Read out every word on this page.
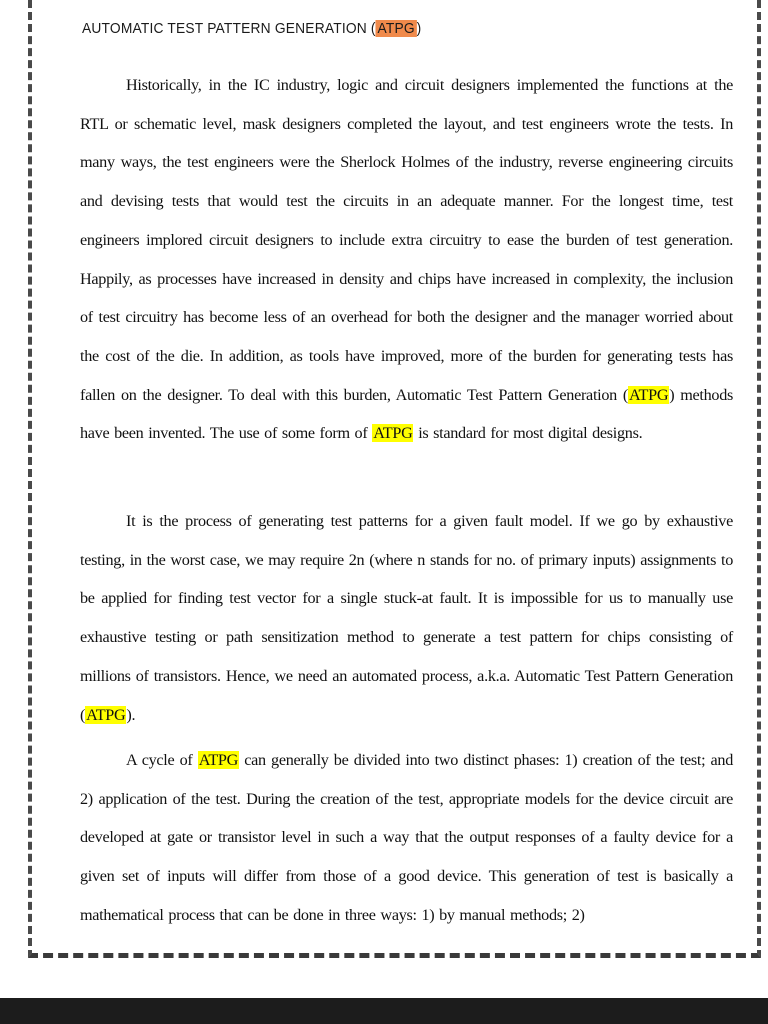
AUTOMATIC TEST PATTERN GENERATION ( ATPG )

Historically, in the IC industry, logic and circuit designers implemented the functions at the RTL or schematic level, mask designers completed the layout, and test engineers wrote the tests. In many ways, the test engineers were the Sherlock Holmes of the industry, reverse engineering circuits and devising tests that would test the circuits in an adequate manner. For the longest time, test engineers implored circuit designers to include extra circuitry to ease the burden of test generation. Happily, as processes have increased in density and chips have increased in complexity, the inclusion of test circuitry has become less of an overhead for both the designer and the manager worried about the cost of the die. In addition, as tools have improved, more of the burden for generating tests has fallen on the designer. To deal with this burden, Automatic Test Pattern Generation (ATPG) methods have been invented. The use of some form of ATPG is standard for most digital designs.

It is the process of generating test patterns for a given fault model. If we go by exhaustive testing, in the worst case, we may require 2n (where n stands for no. of primary inputs) assignments to be applied for finding test vector for a single stuck-at fault. It is impossible for us to manually use exhaustive testing or path sensitization method to generate a test pattern for chips consisting of millions of transistors. Hence, we need an automated process, a.k.a. Automatic Test Pattern Generation (ATPG).

A cycle of ATPG can generally be divided into two distinct phases: 1) creation of the test; and 2) application of the test. During the creation of the test, appropriate models for the device circuit are developed at gate or transistor level in such a way that the output responses of a faulty device for a given set of inputs will differ from those of a good device. This generation of test is basically a mathematical process that can be done in three ways: 1) by manual methods; 2)
